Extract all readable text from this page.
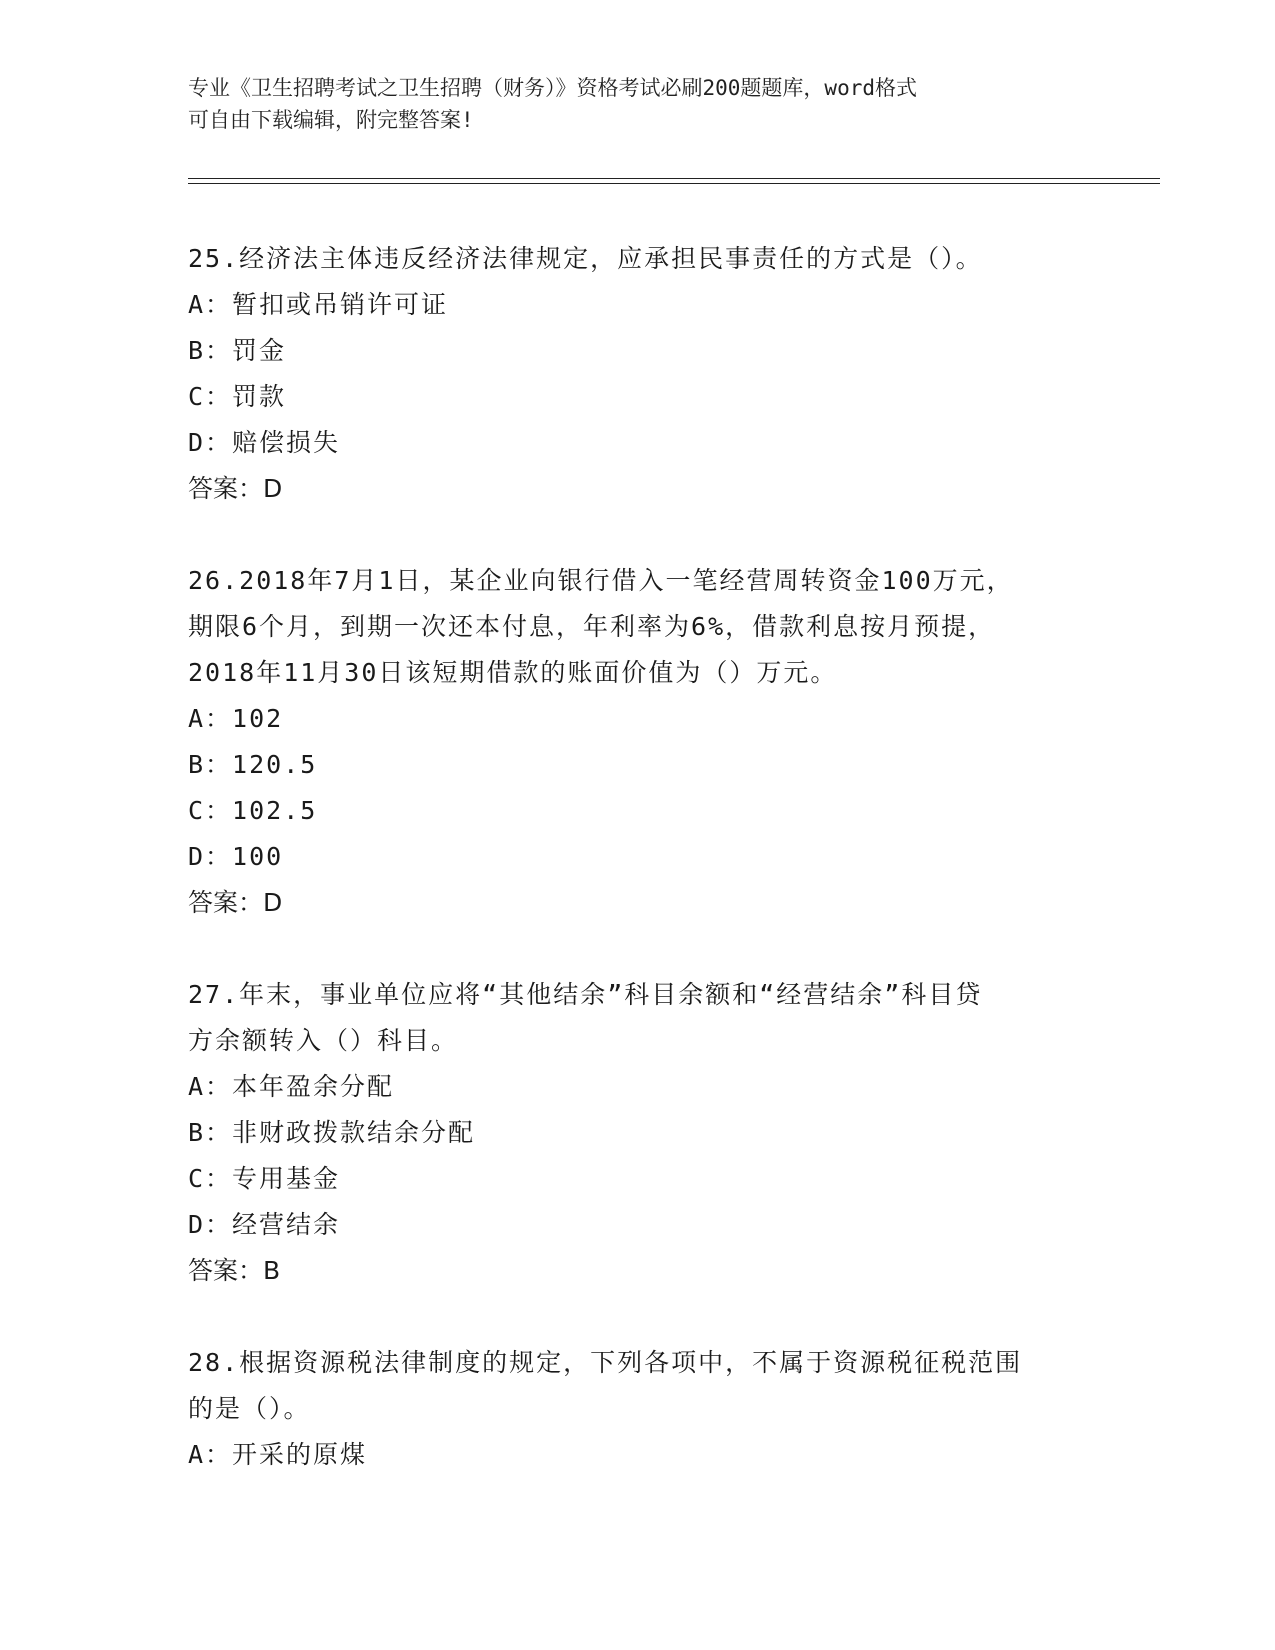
专业《卫生招聘考试之卫生招聘（财务）》资格考试必刷200题题库，word格式

可自由下载编辑，附完整答案!

25.经济法主体违反经济法律规定，应承担民事责任的方式是（）。

A：暂扣或吊销许可证

B：罚金

C：罚款

D：赔偿损失

答案：D

26.2018年7月1日，某企业向银行借入一笔经营周转资金100万元，

期限6个月，到期一次还本付息，年利率为6%，借款利息按月预提，

2018年11月30日该短期借款的账面价值为（）万元。

A：102

B：120.5

C：102.5

D：100

答案：D

27.年末，事业单位应将“其他结余”科目余额和“经营结余”科目贷

方余额转入（）科目。

A：本年盈余分配

B：非财政拨款结余分配

C：专用基金

D：经营结余

答案：B

28.根据资源税法律制度的规定，下列各项中，不属于资源税征税范围

的是（）。

A：开采的原煤
